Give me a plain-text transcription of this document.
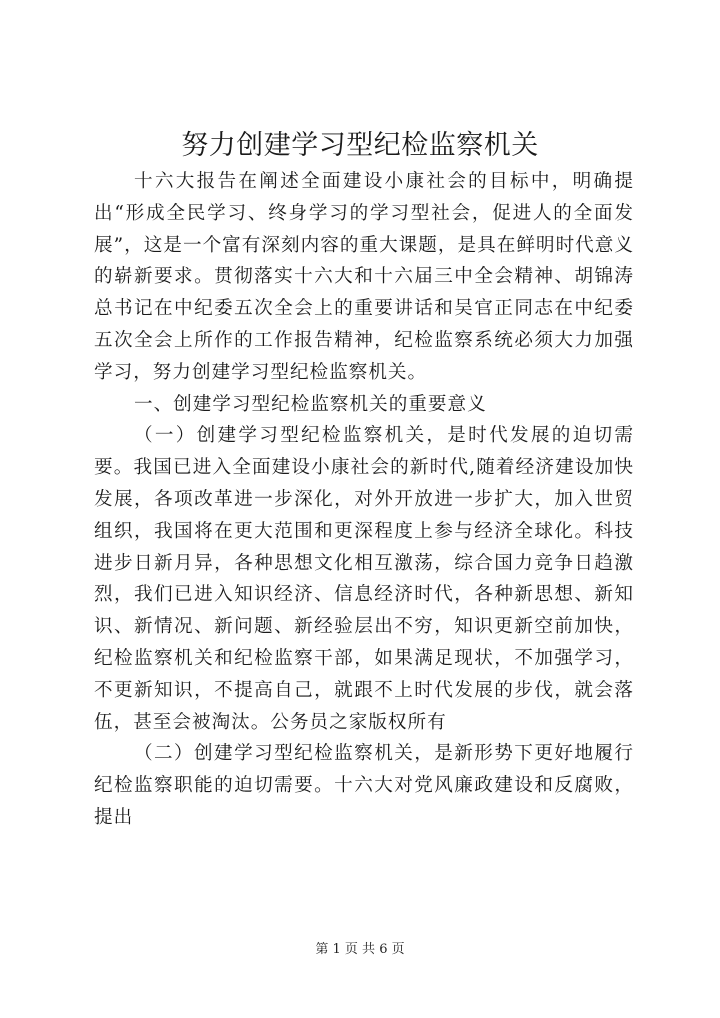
努力创建学习型纪检监察机关

十六大报告在阐述全面建设小康社会的目标中，明确提出“形成全民学习、终身学习的学习型社会，促进人的全面发展”，这是一个富有深刻内容的重大课题，是具在鲜明时代意义的崭新要求。贯彻落实十六大和十六届三中全会精神、胡锦涛总书记在中纪委五次全会上的重要讲话和吴官正同志在中纪委五次全会上所作的工作报告精神，纪检监察系统必须大力加强学习，努力创建学习型纪检监察机关。

一、创建学习型纪检监察机关的重要意义

（一）创建学习型纪检监察机关，是时代发展的迫切需要。我国已进入全面建设小康社会的新时代,随着经济建设加快发展，各项改革进一步深化，对外开放进一步扩大，加入世贸组织，我国将在更大范围和更深程度上参与经济全球化。科技进步日新月异，各种思想文化相互激荡，综合国力竞争日趋激烈，我们已进入知识经济、信息经济时代，各种新思想、新知识、新情况、新问题、新经验层出不穷，知识更新空前加快，纪检监察机关和纪检监察干部，如果满足现状，不加强学习，不更新知识，不提高自己，就跟不上时代发展的步伐，就会落伍，甚至会被淘汰。公务员之家版权所有

（二）创建学习型纪检监察机关，是新形势下更好地履行纪检监察职能的迫切需要。十六大对党风廉政建设和反腐败，提出

第 1 页 共 6 页
